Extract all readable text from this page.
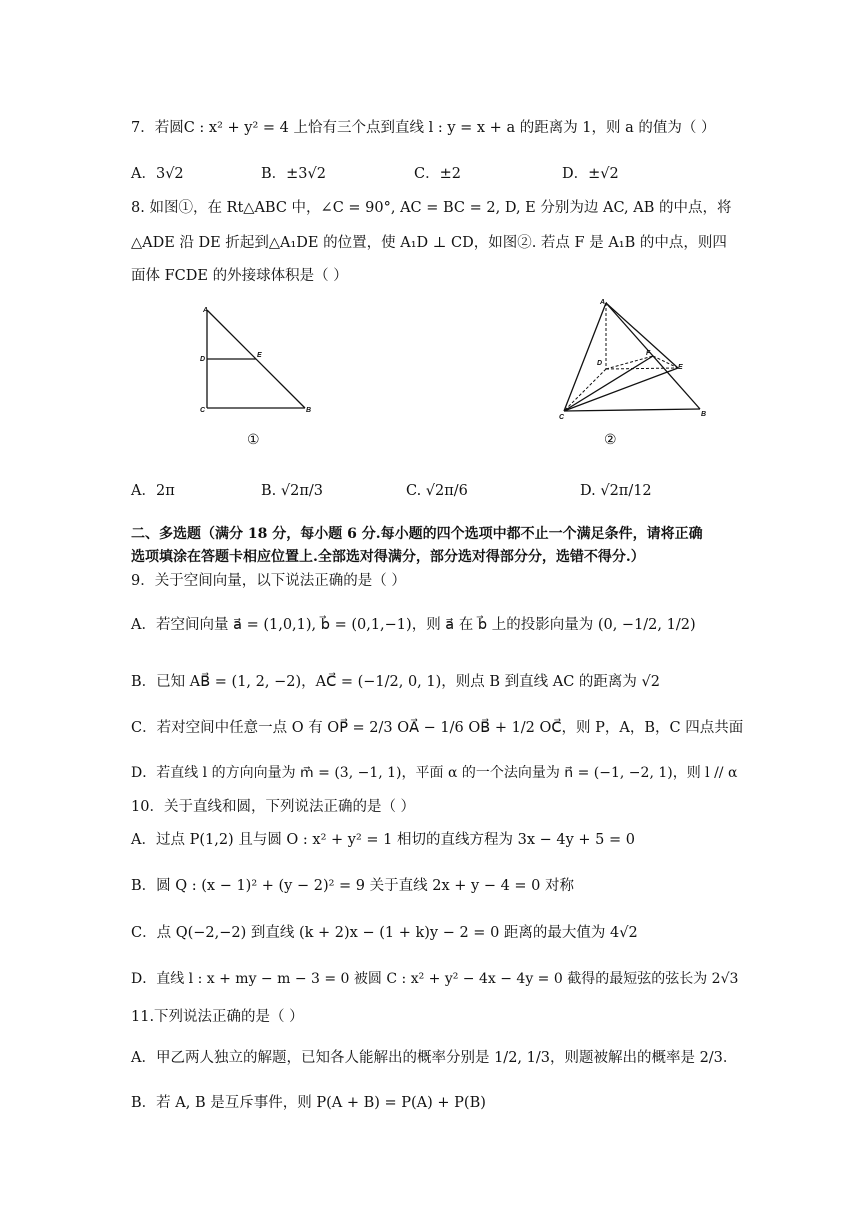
7．若圆C : x² + y² = 4 上恰有三个点到直线 l : y = x + a 的距离为 1，则 a 的值为（ ）
A．3√2	B．±3√2	C．±2	D．±√2
8. 如图①，在 Rt△ABC 中，∠C = 90°, AC = BC = 2, D, E 分别为边 AC, AB 的中点，将
△ADE 沿 DE 折起到△A₁DE 的位置，使 A₁D ⊥ CD，如图②. 若点 F 是 A₁B 的中点，则四
面体 FCDE 的外接球体积是（ ）
A
D
E
C	B
①
A₁
D
F
E
C	B
②
A．2π	B. √2π/3	C. √2π/6	D. √2π/12
二、多选题（满分 18 分，每小题 6 分.每小题的四个选项中都不止一个满足条件，请将正确
选项填涂在答题卡相应位置上.全部选对得满分，部分选对得部分分，选错不得分.）
9．关于空间向量，以下说法正确的是（ ）
A．若空间向量 a⃗ = (1,0,1), b⃗ = (0,1,−1)，则 a⃗ 在 b⃗ 上的投影向量为 (0, −1/2, 1/2)
B．已知 AB⃗ = (1, 2, −2)，AC⃗ = (−1/2, 0, 1)，则点 B 到直线 AC 的距离为 √2
C．若对空间中任意一点 O 有 OP⃗ = 2/3 OA⃗ − 1/6 OB⃗ + 1/2 OC⃗，则 P，A，B，C 四点共面
D．若直线 l 的方向向量为 m⃗ = (3, −1, 1)，平面 α 的一个法向量为 n⃗ = (−1, −2, 1)，则 l // α
10．关于直线和圆，下列说法正确的是（ ）
A．过点 P(1,2) 且与圆 O : x² + y² = 1 相切的直线方程为 3x − 4y + 5 = 0
B．圆 Q : (x − 1)² + (y − 2)² = 9 关于直线 2x + y − 4 = 0 对称
C．点 Q(−2,−2) 到直线 (k + 2)x − (1 + k)y − 2 = 0 距离的最大值为 4√2
D．直线 l : x + my − m − 3 = 0 被圆 C : x² + y² − 4x − 4y = 0 截得的最短弦的弦长为 2√3
11.下列说法正确的是（ ）
A．甲乙两人独立的解题，已知各人能解出的概率分别是 1/2, 1/3，则题被解出的概率是 2/3．
B．若 A, B 是互斥事件，则 P(A + B) = P(A) + P(B)
